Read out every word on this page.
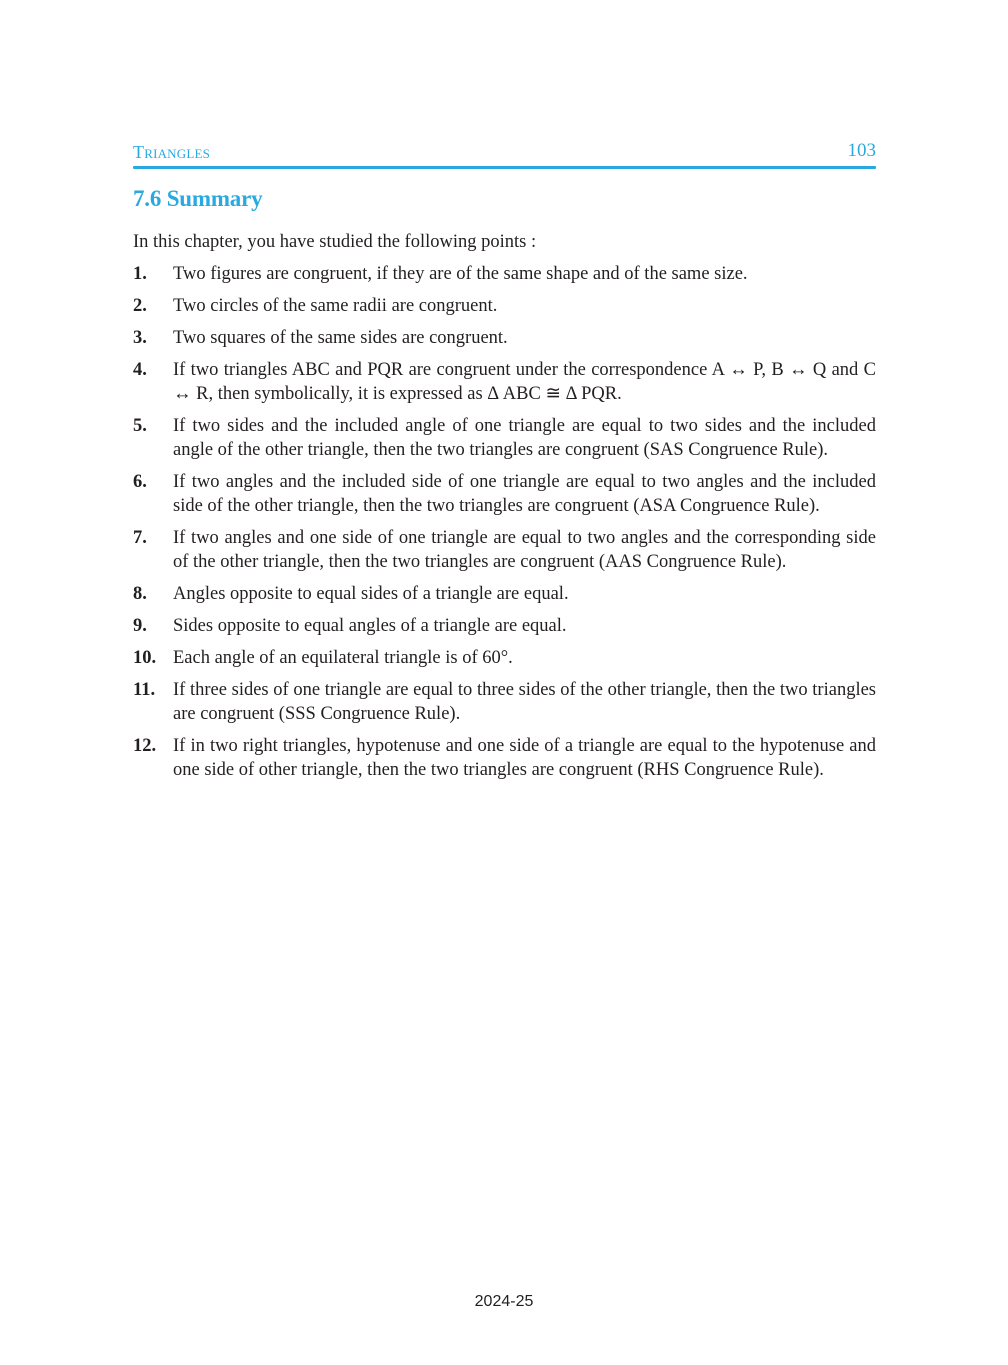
Triangles	103
7.6 Summary

In this chapter, you have studied the following points :

1.	Two figures are congruent, if they are of the same shape and of the same size.
2.	Two circles of the same radii are congruent.
3.	Two squares of the same sides are congruent.
4.	If two triangles ABC and PQR are congruent under the correspondence A ↔ P, B ↔ Q and C ↔ R, then symbolically, it is expressed as Δ ABC ≅ Δ PQR.
5.	If two sides and the included angle of one triangle are equal to two sides and the included angle of the other triangle, then the two triangles are congruent (SAS Congruence Rule).
6.	If two angles and the included side of one triangle are equal to two angles and the included side of the other triangle, then the two triangles are congruent (ASA Congruence Rule).
7.	If two angles and one side of one triangle are equal to two angles and the corresponding side of the other triangle, then the two triangles are congruent (AAS Congruence Rule).
8.	Angles opposite to equal sides of a triangle are equal.
9.	Sides opposite to equal angles of a triangle are equal.
10. Each angle of an equilateral triangle is of 60°.
11. If three sides of one triangle are equal to three sides of the other triangle, then the two triangles are congruent (SSS Congruence Rule).
12. If in two right triangles, hypotenuse and one side of a triangle are equal to the hypotenuse and one side of other triangle, then the two triangles are congruent (RHS Congruence Rule).
2024-25
